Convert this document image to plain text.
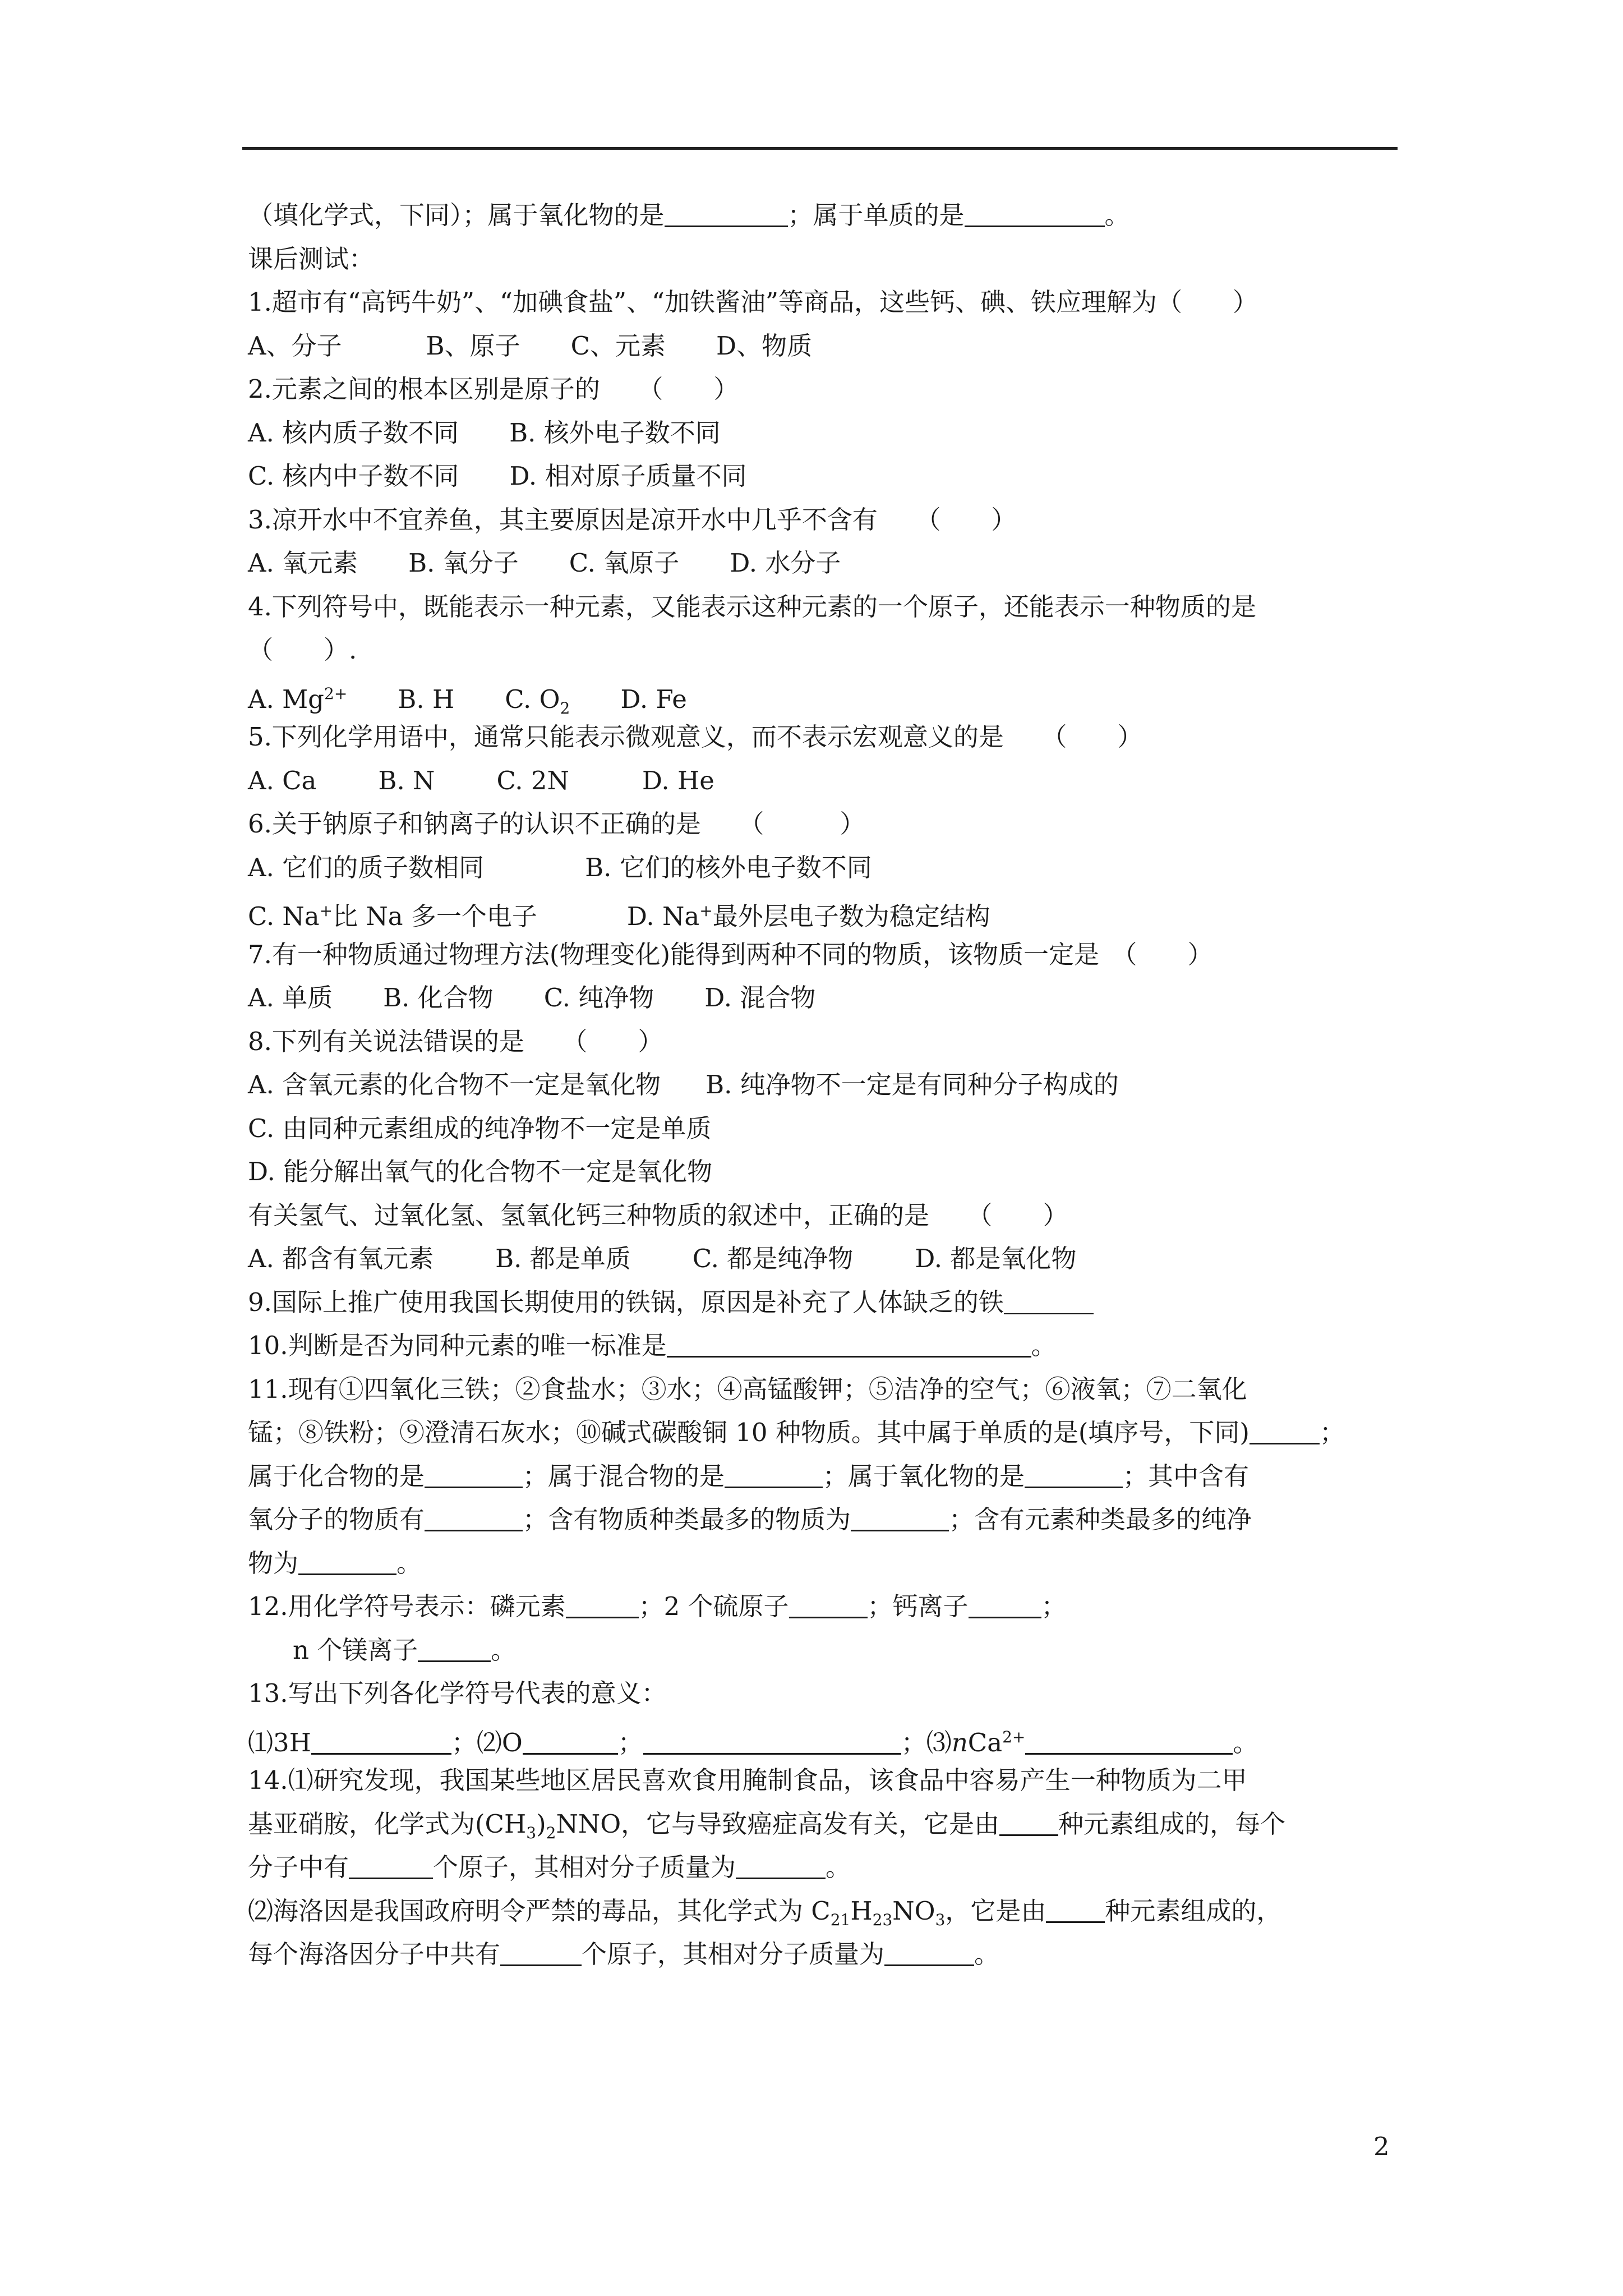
（填化学式，下同）；属于氧化物的是	；属于单质的是	。
课后测试：
1.超市有“高钙牛奶”、“加碘食盐”、“加铁酱油”等商品，这些钙、碘、铁应理解为（　　）
A、分子	B、原子 C、元素 D、物质
2.元素之间的根本区别是原子的　　（　　）
A. 核内质子数不同 B. 核外电子数不同
C. 核内中子数不同 D. 相对原子质量不同
3.凉开水中不宜养鱼，其主要原因是凉开水中几乎不含有　　（　　）
A. 氧元素 B. 氧分子 C. 氧原子 D. 水分子
4.下列符号中，既能表示一种元素，又能表示这种元素的一个原子，还能表示一种物质的是
（　　）.
A. $Mg^{2+}$ B. H C. $O_2$ D. Fe
5.下列化学用语中，通常只能表示微观意义，而不表示宏观意义的是　　（　　）
A. Ca B. N C. 2N	D. He
6.关于钠原子和钠离子的认识不正确的是　　（　　　）
A. 它们的质子数相同	B. 它们的核外电子数不同
C. Na+比 Na 多一个电子	D. Na+最外层电子数为稳定结构
7.有一种物质通过物理方法(物理变化)能得到两种不同的物质，该物质一定是　（　　）
A. 单质 B. 化合物 C. 纯净物 D. 混合物
8.下列有关说法错误的是　　（　　）
A. 含氧元素的化合物不一定是氧化物 B. 纯净物不一定是有同种分子构成的
C. 由同种元素组成的纯净物不一定是单质
D. 能分解出氧气的化合物不一定是氧化物
有关氢气、过氧化氢、氢氧化钙三种物质的叙述中，正确的是　　（　　）
A. 都含有氧元素 B. 都是单质 C. 都是纯净物 D. 都是氧化物
9.国际上推广使用我国长期使用的铁锅，原因是补充了人体缺乏的铁
10.判断是否为同种元素的唯一标准是	。
11.现有①四氧化三铁；②食盐水；③水；④高锰酸钾；⑤洁净的空气；⑥液氧；⑦二氧化
锰；⑧铁粉；⑨澄清石灰水；⑩碱式碳酸铜 10 种物质。其中属于单质的是(填序号，下同)	；
属于化合物的是	；属于混合物的是	；属于氧化物的是	；其中含有
氧分子的物质有	；含有物质种类最多的物质为	；含有元素种类最多的纯净
物为	。
12.用化学符号表示：磷元素	；2 个硫原子	；钙离子	；
n 个镁离子	。
13.写出下列各化学符号代表的意义：
⑴3H	；⑵O	；	；⑶nCa$^{2+}$	。
14.⑴研究发现，我国某些地区居民喜欢食用腌制食品，该食品中容易产生一种物质为二甲
基亚硝胺，化学式为$(CH_3)_2NNO$，它与导致癌症高发有关，它是由 种元素组成的，每个
分子中有	个原子，其相对分子质量为	。
⑵海洛因是我国政府明令严禁的毒品，其化学式为 $C_{21}H_{23}NO_3$，它是由 种元素组成的，
每个海洛因分子中共有	个原子，其相对分子质量为	。
2
